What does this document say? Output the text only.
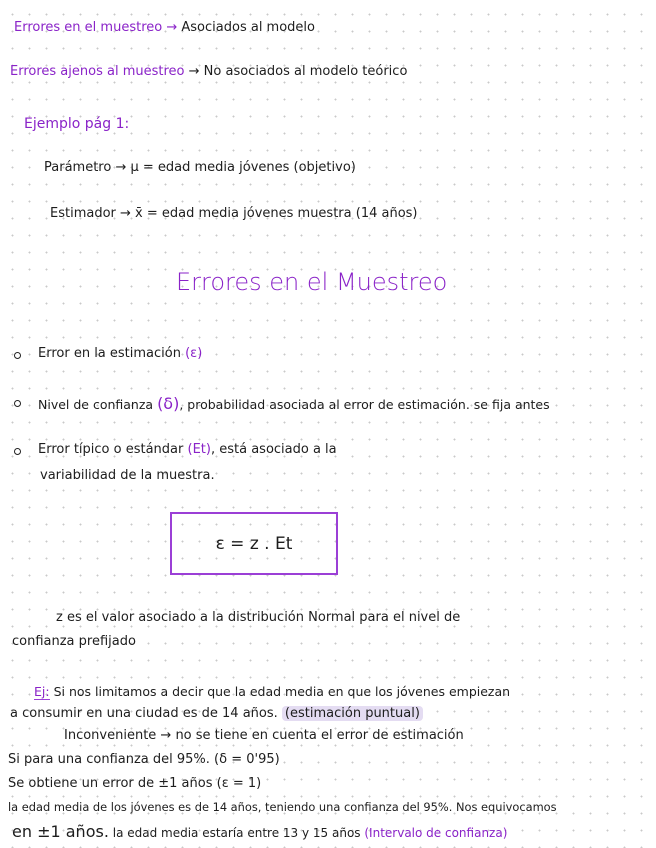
Errores en el muestreo → Asociados al modelo
Errores ajenos al muestreo → No asociados al modelo teórico
Ejemplo pág 1:
Parámetro → μ = edad media jóvenes (objetivo)
Estimador → x̄ = edad media jóvenes muestra (14 años)
Errores en el Muestreo
Error en la estimación (ε)
Nivel de confianza (δ), probabilidad asociada al error de estimación. se fija antes
Error típico o estándar (Et), está asociado a la
variabilidad de la muestra.
ε = z . Et
z es el valor asociado a la distribución Normal para el nivel de
confianza prefijado
Ej: Si nos limitamos a decir que la edad media en que los jóvenes empiezan
a consumir en una ciudad es de 14 años. (estimación puntual)
Inconveniente → no se tiene en cuenta el error de estimación
Si para una confianza del 95%. (δ = 0'95)
Se obtiene un error de ±1 años (ε = 1)
la edad media de los jóvenes es de 14 años, teniendo una confianza del 95%. Nos equivocamos
en ±1 años. la edad media estaría entre 13 y 15 años (Intervalo de confianza)
